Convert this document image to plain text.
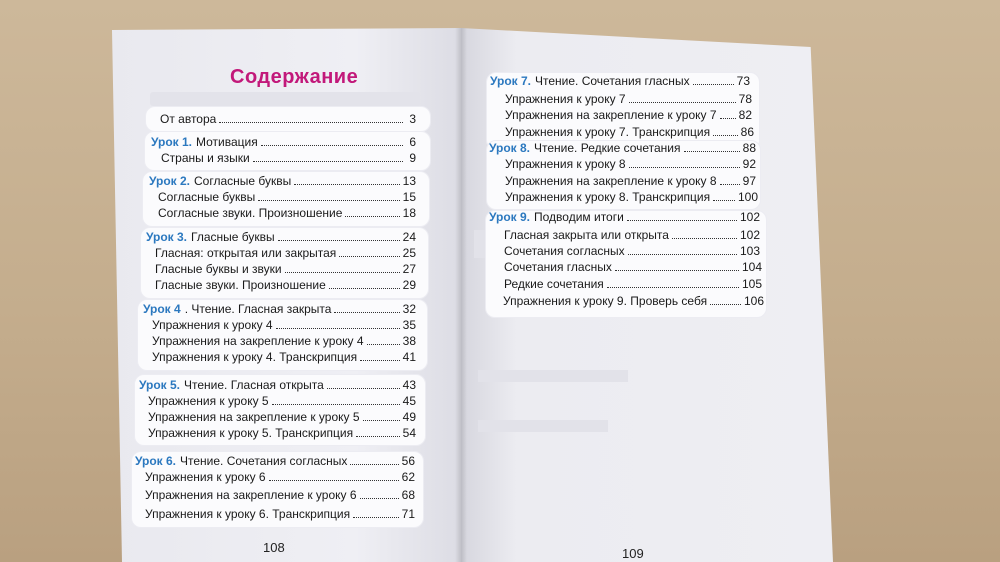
Содержание
От автора	3
Урок 1. Мотивация	6
Страны и языки	9
Урок 2. Согласные буквы	13
Согласные буквы	15
Согласные звуки. Произношение	18
Урок 3. Гласные буквы	24
Гласная: открытая или закрытая	25
Гласные буквы и звуки	27
Гласные звуки. Произношение	29
Урок 4 . Чтение. Гласная закрыта	32
Упражнения к уроку 4	35
Упражнения на закрепление к уроку 4	38
Упражнения к уроку 4. Транскрипция	41
Урок 5. Чтение. Гласная открыта	43
Упражнения к уроку 5	45
Упражнения на закрепление к уроку 5	49
Упражнения к уроку 5. Транскрипция	54
Урок 6. Чтение. Сочетания согласных	56
Упражнения к уроку 6	62
Упражнения на закрепление к уроку 6	68
Упражнения к уроку 6. Транскрипция	71
Урок 7. Чтение. Сочетания гласных	73
Упражнения к уроку 7	78
Упражнения на закрепление к уроку 7 82
Упражнения к уроку 7. Транскрипция	86
Урок 8. Чтение. Редкие сочетания	88
Упражнения к уроку 8	92
Упражнения на закрепление к уроку 8 97
Упражнения к уроку 8. Транскрипция 100
Урок 9. Подводим итоги	102
Гласная закрыта или открыта	102
Сочетания согласных	103
Сочетания гласных	104
Редкие сочетания	105
Упражнения к уроку 9. Проверь себя	106
108	109
